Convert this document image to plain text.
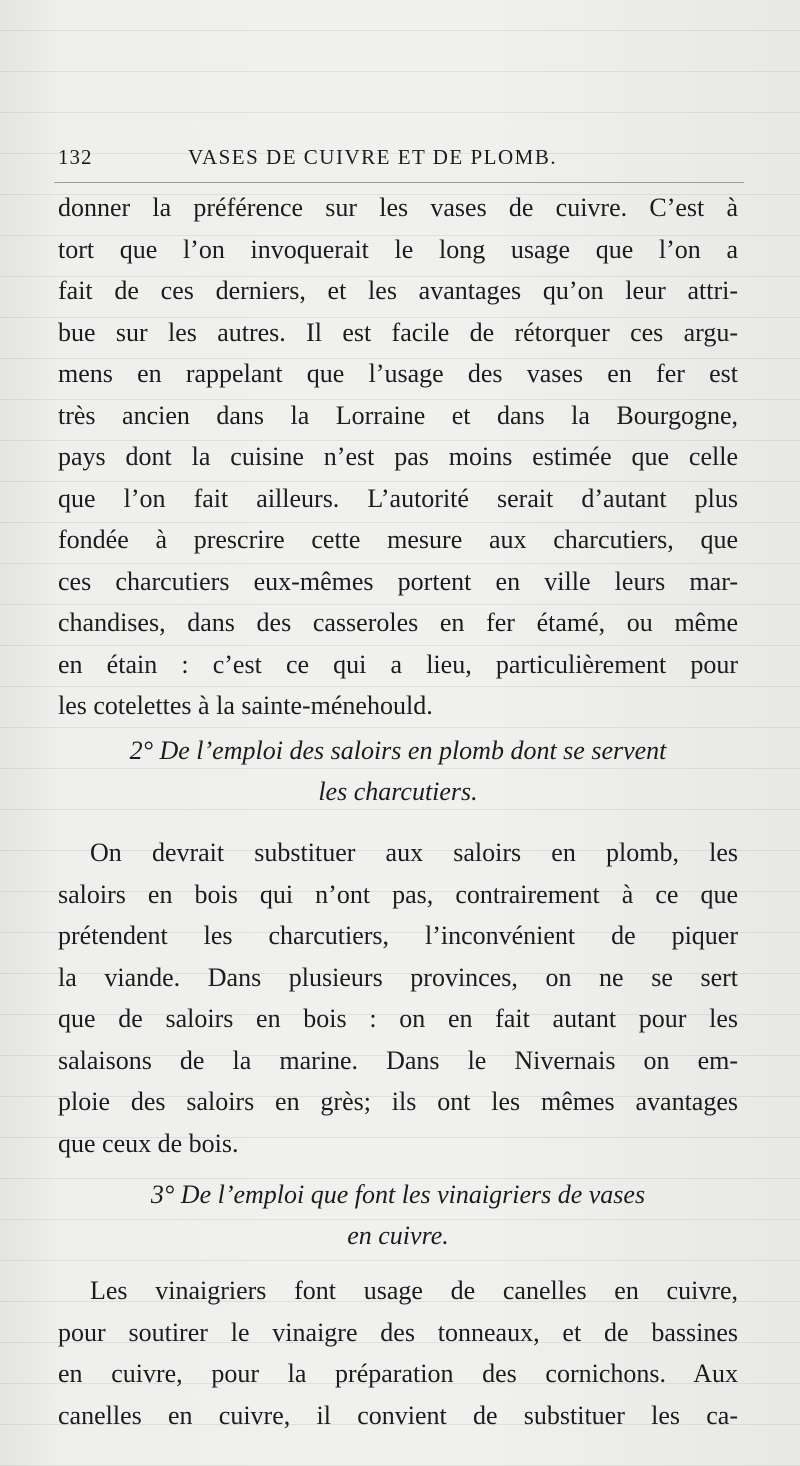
132	VASES DE CUIVRE ET DE PLOMB.
donner la préférence sur les vases de cuivre. C’est à
tort que l’on invoquerait le long usage que l’on a
fait de ces derniers, et les avantages qu’on leur attri-
bue sur les autres. Il est facile de rétorquer ces argu-
mens en rappelant que l’usage des vases en fer est
très ancien dans la Lorraine et dans la Bourgogne,
pays dont la cuisine n’est pas moins estimée que celle
que l’on fait ailleurs. L’autorité serait d’autant plus
fondée à prescrire cette mesure aux charcutiers, que
ces charcutiers eux-mêmes portent en ville leurs mar-
chandises, dans des casseroles en fer étamé, ou même
en étain : c’est ce qui a lieu, particulièrement pour
les cotelettes à la sainte-ménehould.
2° De l’emploi des saloirs en plomb dont se servent
les charcutiers.
On devrait substituer aux saloirs en plomb, les
saloirs en bois qui n’ont pas, contrairement à ce que
prétendent les charcutiers, l’inconvénient de piquer
la viande. Dans plusieurs provinces, on ne se sert
que de saloirs en bois : on en fait autant pour les
salaisons de la marine. Dans le Nivernais on em-
ploie des saloirs en grès; ils ont les mêmes avantages
que ceux de bois.
3° De l’emploi que font les vinaigriers de vases
en cuivre.
Les vinaigriers font usage de canelles en cuivre,
pour soutirer le vinaigre des tonneaux, et de bassines
en cuivre, pour la préparation des cornichons. Aux
canelles en cuivre, il convient de substituer les ca-
